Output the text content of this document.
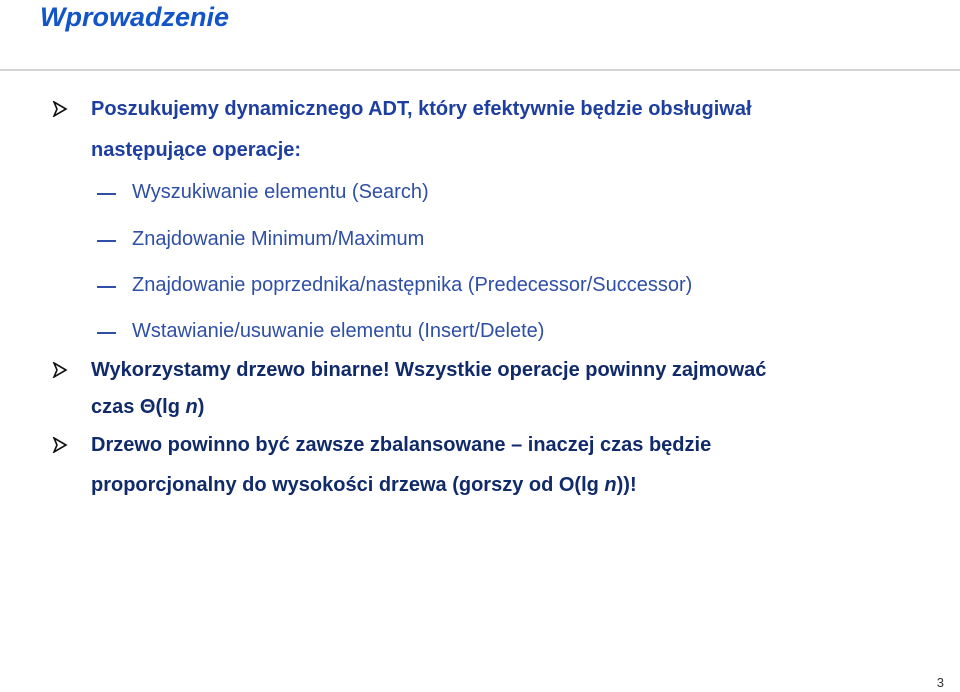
Wprowadzenie
Poszukujemy dynamicznego ADT, który efektywnie będzie obsługiwał
następujące operacje:
Wyszukiwanie elementu (Search)
Znajdowanie Minimum/Maximum
Znajdowanie poprzednika/następnika (Predecessor/Successor)
Wstawianie/usuwanie elementu (Insert/Delete)
Wykorzystamy drzewo binarne! Wszystkie operacje powinny zajmować
czas Θ(lg n)
Drzewo powinno być zawsze zbalansowane – inaczej czas będzie
proporcjonalny do wysokości drzewa (gorszy od O(lg n))!
3
